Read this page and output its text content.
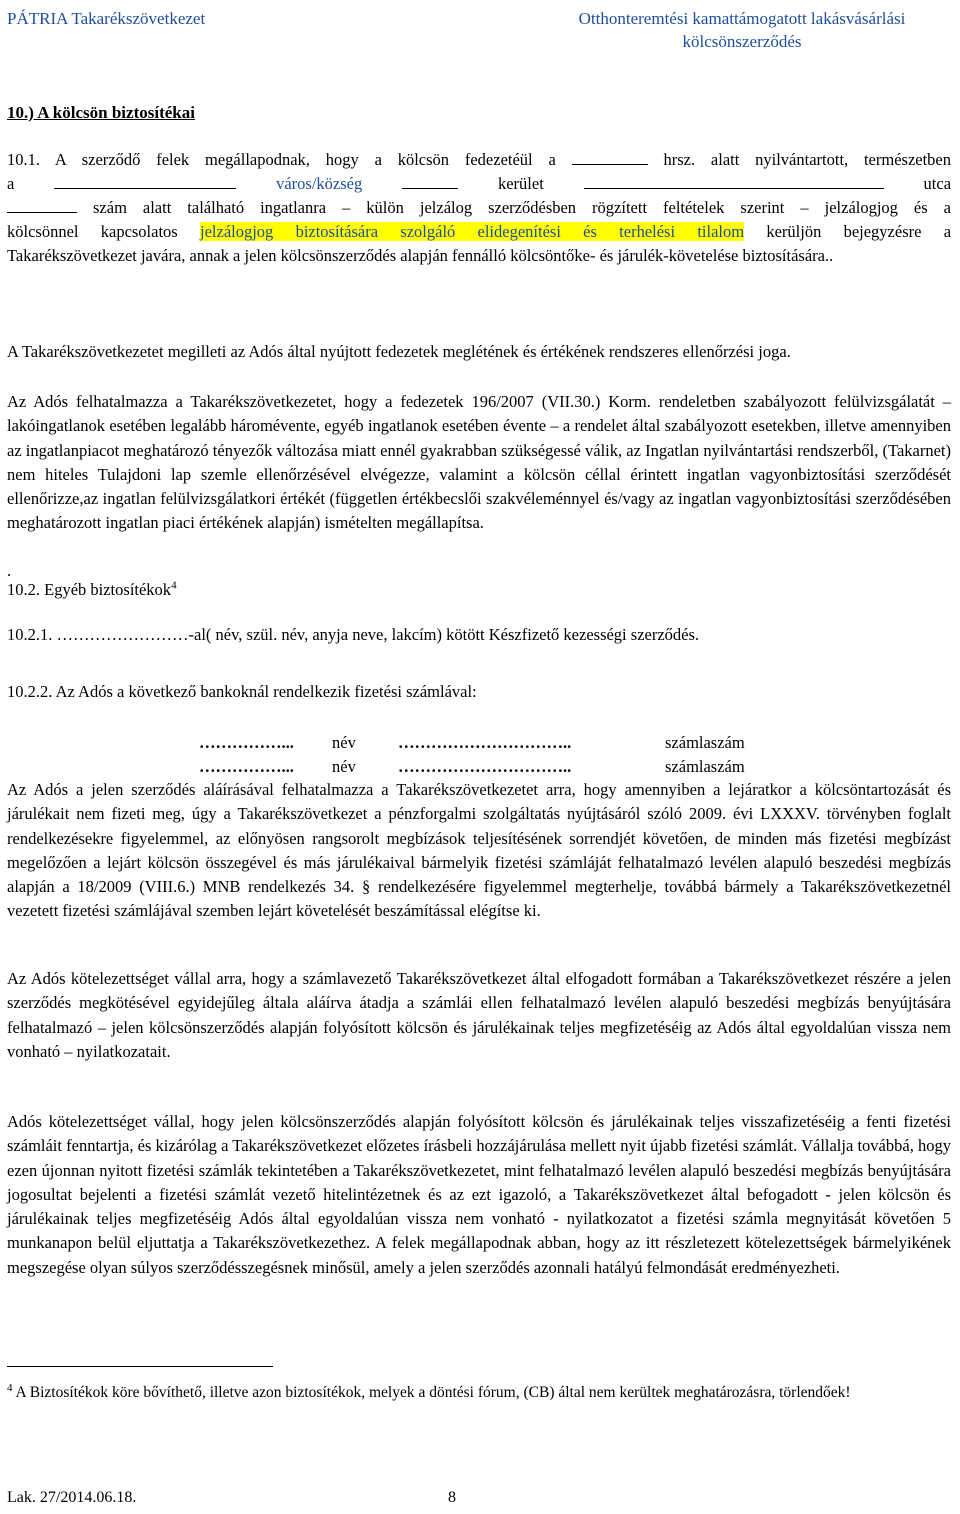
PÁTRIA Takarékszövetkezet	Otthonteremtési kamattámogatott lakásvásárlási kölcsönszerződés
10.) A kölcsön biztosítékai
10.1. A szerződő felek megállapodnak, hogy a kölcsön fedezetéül a	hrsz. alatt nyilvántartott, természetben
a	város/község	kerület	utca
szám alatt található ingatlanra – külön jelzálog szerződésben rögzített feltételek szerint – jelzálogjog és a
kölcsönnel kapcsolatos jelzálogjog biztosítására szolgáló elidegenítési és terhelési tilalom kerüljön bejegyzésre a
Takarékszövetkezet javára, annak a jelen kölcsönszerződés alapján fennálló kölcsöntőke- és járulék-követelése biztosítására..
A Takarékszövetkezetet megilleti az Adós által nyújtott fedezetek meglétének és értékének rendszeres ellenőrzési joga.
Az Adós felhatalmazza a Takarékszövetkezetet, hogy a fedezetek 196/2007 (VII.30.) Korm. rendeletben szabályozott felülvizsgálatát – lakóingatlanok esetében legalább háromévente, egyéb ingatlanok esetében évente – a rendelet által szabályozott esetekben, illetve amennyiben az ingatlanpiacot meghatározó tényezők változása miatt ennél gyakrabban szükségessé válik, az Ingatlan nyilvántartási rendszerből, (Takarnet) nem hiteles Tulajdoni lap szemle ellenőrzésével elvégezze, valamint a kölcsön céllal érintett ingatlan vagyonbiztosítási szerződését ellenőrizze,az ingatlan felülvizsgálatkori értékét (független értékbecslői szakvéleménnyel és/vagy az ingatlan vagyonbiztosítási szerződésében meghatározott ingatlan piaci értékének alapján) ismételten megállapítsa.
.
10.2. Egyéb biztosítékok$^4$
10.2.1. ……………………-al( név, szül. név, anyja neve, lakcím) kötött Készfizető kezességi szerződés.
10.2.2. Az Adós a következő bankoknál rendelkezik fizetési számlával:
……………... név	…………………………..	számlaszám
……………... név	…………………………..	számlaszám
Az Adós a jelen szerződés aláírásával felhatalmazza a Takarékszövetkezetet arra, hogy amennyiben a lejáratkor a kölcsöntartozását és járulékait nem fizeti meg, úgy a Takarékszövetkezet a pénzforgalmi szolgáltatás nyújtásáról szóló 2009. évi LXXXV. törvényben foglalt rendelkezésekre figyelemmel, az előnyösen rangsorolt megbízások teljesítésének sorrendjét követően, de minden más fizetési megbízást megelőzően a lejárt kölcsön összegével és más járulékaival bármelyik fizetési számláját felhatalmazó levélen alapuló beszedési megbízás alapján a 18/2009 (VIII.6.) MNB rendelkezés 34. § rendelkezésére figyelemmel megterhelje, továbbá bármely a Takarékszövetkezetnél vezetett fizetési számlájával szemben lejárt követelését beszámítással elégítse ki.
Az Adós kötelezettséget vállal arra, hogy a számlavezető Takarékszövetkezet által elfogadott formában a Takarékszövetkezet részére a jelen szerződés megkötésével egyidejűleg általa aláírva átadja a számlái ellen felhatalmazó levélen alapuló beszedési megbízás benyújtására felhatalmazó – jelen kölcsönszerződés alapján folyósított kölcsön és járulékainak teljes megfizetéséig az Adós által egyoldalúan vissza nem vonható – nyilatkozatait.
Adós kötelezettséget vállal, hogy jelen kölcsönszerződés alapján folyósított kölcsön és járulékainak teljes visszafizetéséig a fenti fizetési számláit fenntartja, és kizárólag a Takarékszövetkezet előzetes írásbeli hozzájárulása mellett nyit újabb fizetési számlát. Vállalja továbbá, hogy ezen újonnan nyitott fizetési számlák tekintetében a Takarékszövetkezetet, mint felhatalmazó levélen alapuló beszedési megbízás benyújtására jogosultat bejelenti a fizetési számlát vezető hitelintézetnek és az ezt igazoló, a Takarékszövetkezet által befogadott - jelen kölcsön és járulékainak teljes megfizetéséig Adós által egyoldalúan vissza nem vonható - nyilatkozatot a fizetési számla megnyitását követően 5 munkanapon belül eljuttatja a Takarékszövetkezethez. A felek megállapodnak abban, hogy az itt részletezett kötelezettségek bármelyikének megszegése olyan súlyos szerződésszegésnek minősül, amely a jelen szerződés azonnali hatályú felmondását eredményezheti.
$^4$ A Biztosítékok köre bővíthető, illetve azon biztosítékok, melyek a döntési fórum, (CB) által nem kerültek meghatározásra, törlendőek!
Lak. 27/2014.06.18.	8
